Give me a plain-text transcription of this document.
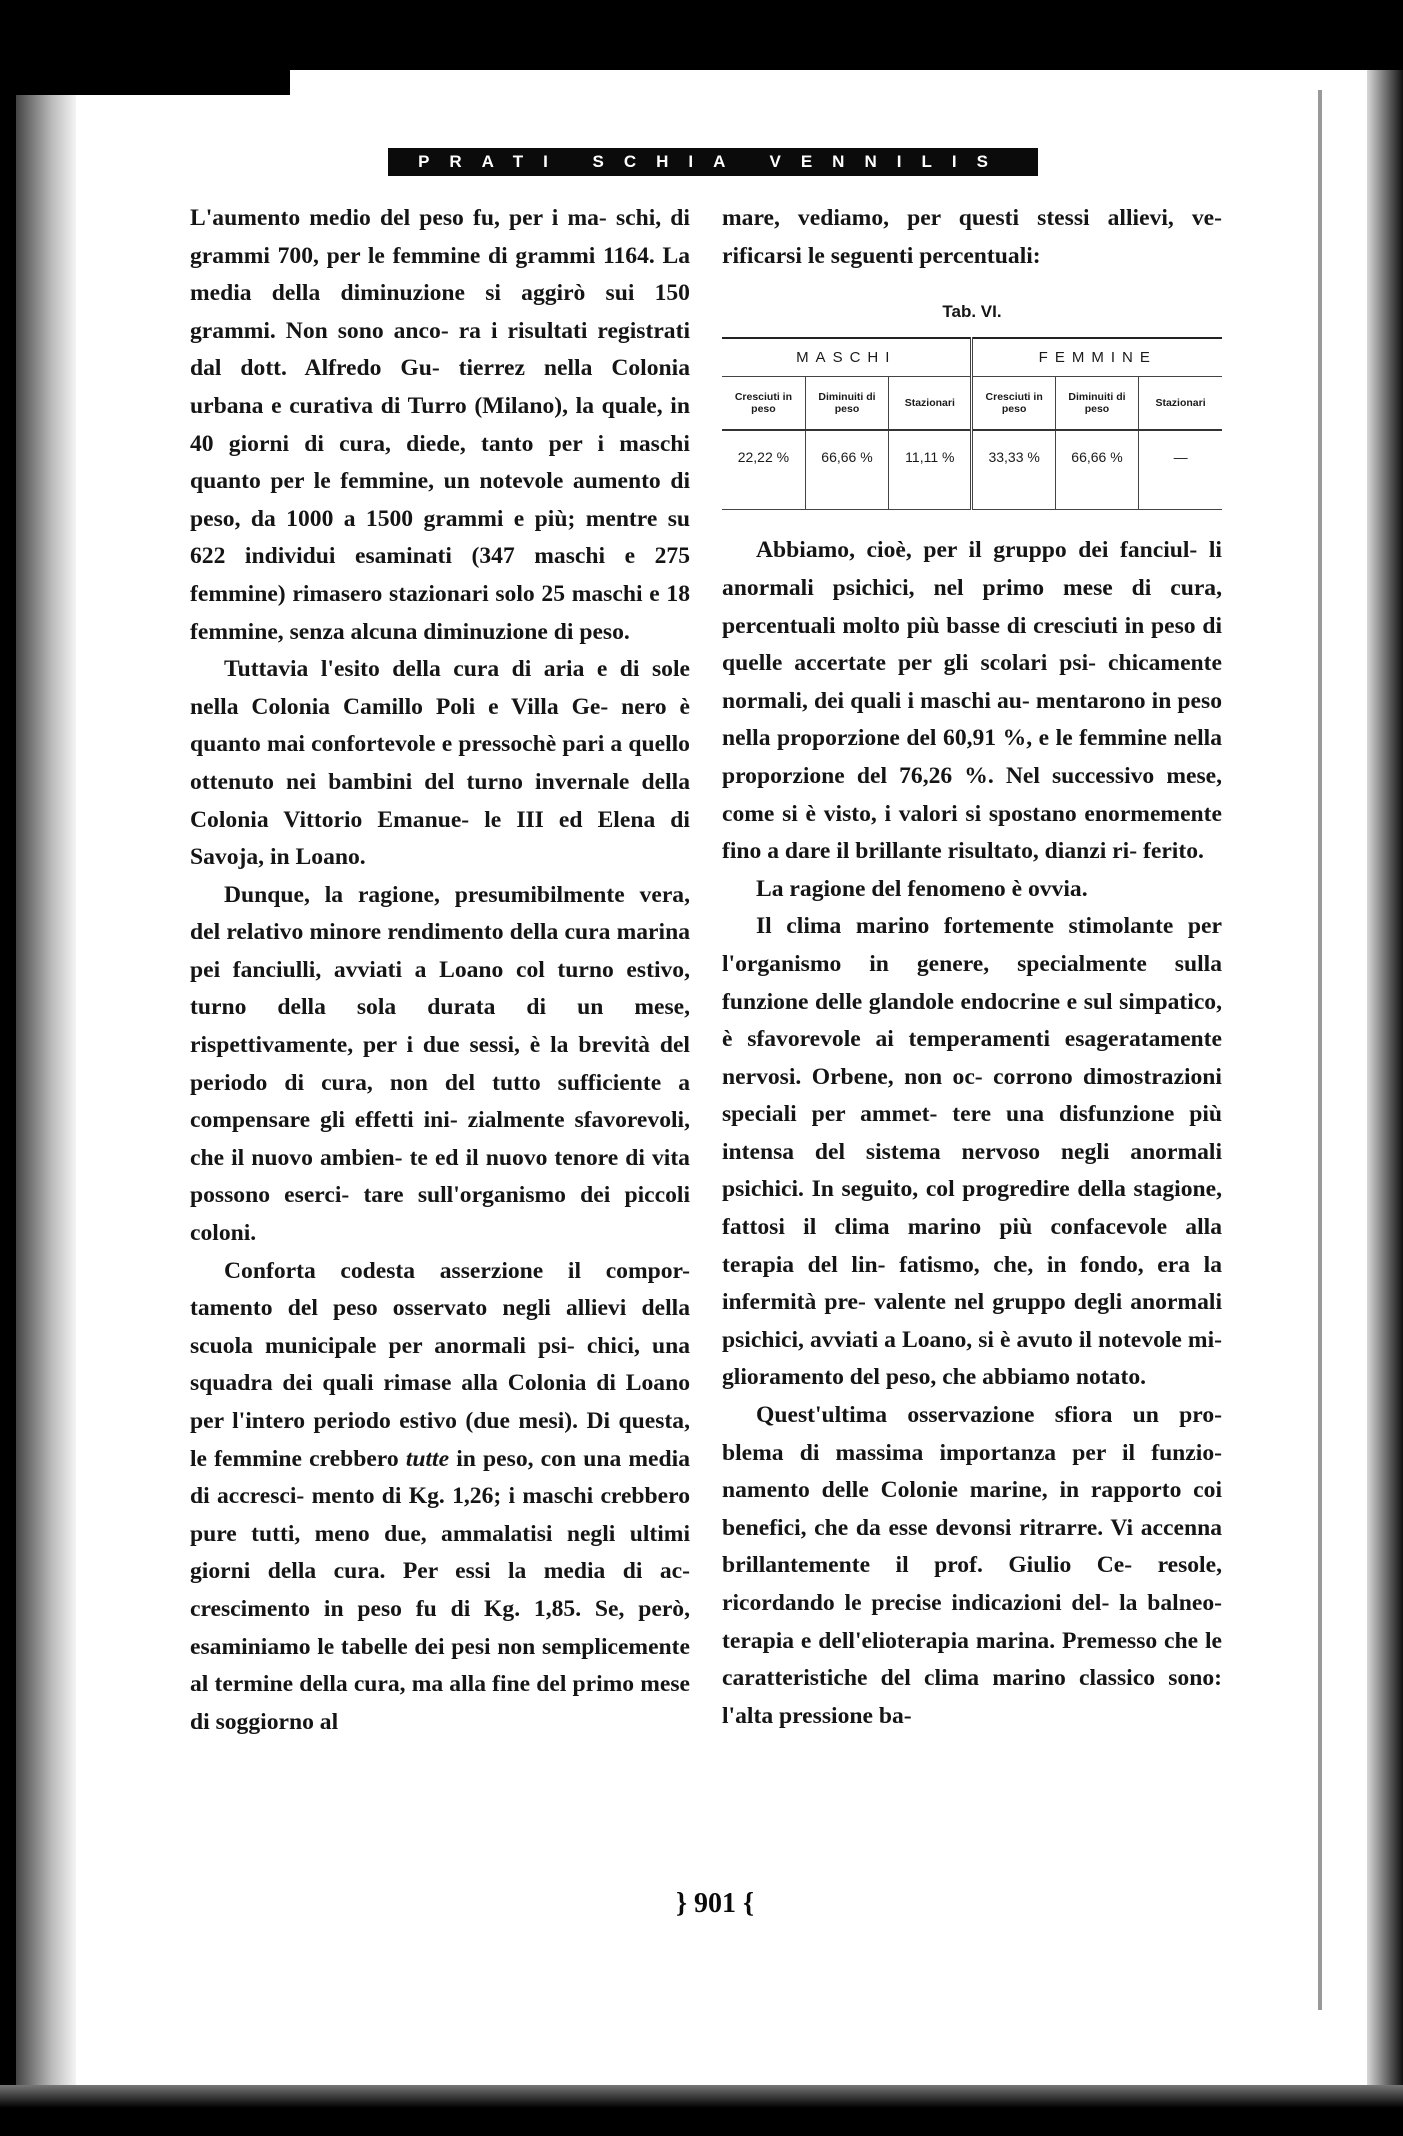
PRATI SCHIA VENNILIS

L'aumento medio del peso fu, per i ma- schi, di grammi 700, per le femmine di grammi 1164. La media della diminuzione si aggirò sui 150 grammi. Non sono anco- ra i risultati registrati dal dott. Alfredo Gu- tierrez nella Colonia urbana e curativa di Turro (Milano), la quale, in 40 giorni di cura, diede, tanto per i maschi quanto per le femmine, un notevole aumento di peso, da 1000 a 1500 grammi e più; mentre su 622 individui esaminati (347 maschi e 275 femmine) rimasero stazionari solo 25 maschi e 18 femmine, senza alcuna diminuzione di peso.

Tuttavia l'esito della cura di aria e di sole nella Colonia Camillo Poli e Villa Ge- nero è quanto mai confortevole e pressochè pari a quello ottenuto nei bambini del turno invernale della Colonia Vittorio Emanue- le III ed Elena di Savoja, in Loano.

Dunque, la ragione, presumibilmente vera, del relativo minore rendimento della cura marina pei fanciulli, avviati a Loano col turno estivo, turno della sola durata di un mese, rispettivamente, per i due sessi, è la brevità del periodo di cura, non del tutto sufficiente a compensare gli effetti ini- zialmente sfavorevoli, che il nuovo ambien- te ed il nuovo tenore di vita possono eserci- tare sull'organismo dei piccoli coloni.

Conforta codesta asserzione il compor- tamento del peso osservato negli allievi della scuola municipale per anormali psi- chici, una squadra dei quali rimase alla Colonia di Loano per l'intero periodo estivo (due mesi). Di questa, le femmine crebbero tutte in peso, con una media di accresci- mento di Kg. 1,26; i maschi crebbero pure tutti, meno due, ammalatisi negli ultimi giorni della cura. Per essi la media di ac- crescimento in peso fu di Kg. 1,85. Se, però, esaminiamo le tabelle dei pesi non semplicemente al termine della cura, ma alla fine del primo mese di soggiorno al

mare, vediamo, per questi stessi allievi, ve- rificarsi le seguenti percentuali:

Tab. VI.
MASCHI			FEMMINE		
Cresciuti in peso	Diminuiti di peso	Stazionari	Cresciuti in peso	Diminuiti di peso	Stazionari
22,22 %	66,66 %	11,11 %	33,33 %	66,66 %	—

Abbiamo, cioè, per il gruppo dei fanciul- li anormali psichici, nel primo mese di cura, percentuali molto più basse di cresciuti in peso di quelle accertate per gli scolari psi- chicamente normali, dei quali i maschi au- mentarono in peso nella proporzione del 60,91 %, e le femmine nella proporzione del 76,26 %. Nel successivo mese, come si è visto, i valori si spostano enormemente fino a dare il brillante risultato, dianzi ri- ferito.

La ragione del fenomeno è ovvia.

Il clima marino fortemente stimolante per l'organismo in genere, specialmente sulla funzione delle glandole endocrine e sul simpatico, è sfavorevole ai temperamenti esageratamente nervosi. Orbene, non oc- corrono dimostrazioni speciali per ammet- tere una disfunzione più intensa del sistema nervoso negli anormali psichici. In seguito, col progredire della stagione, fattosi il clima marino più confacevole alla terapia del lin- fatismo, che, in fondo, era la infermità pre- valente nel gruppo degli anormali psichici, avviati a Loano, si è avuto il notevole mi- glioramento del peso, che abbiamo notato.

Quest'ultima osservazione sfiora un pro- blema di massima importanza per il funzio- namento delle Colonie marine, in rapporto coi benefici, che da esse devonsi ritrarre. Vi accenna brillantemente il prof. Giulio Ce- resole, ricordando le precise indicazioni del- la balneo-terapia e dell'elioterapia marina. Premesso che le caratteristiche del clima marino classico sono: l'alta pressione ba-

} 901 {
